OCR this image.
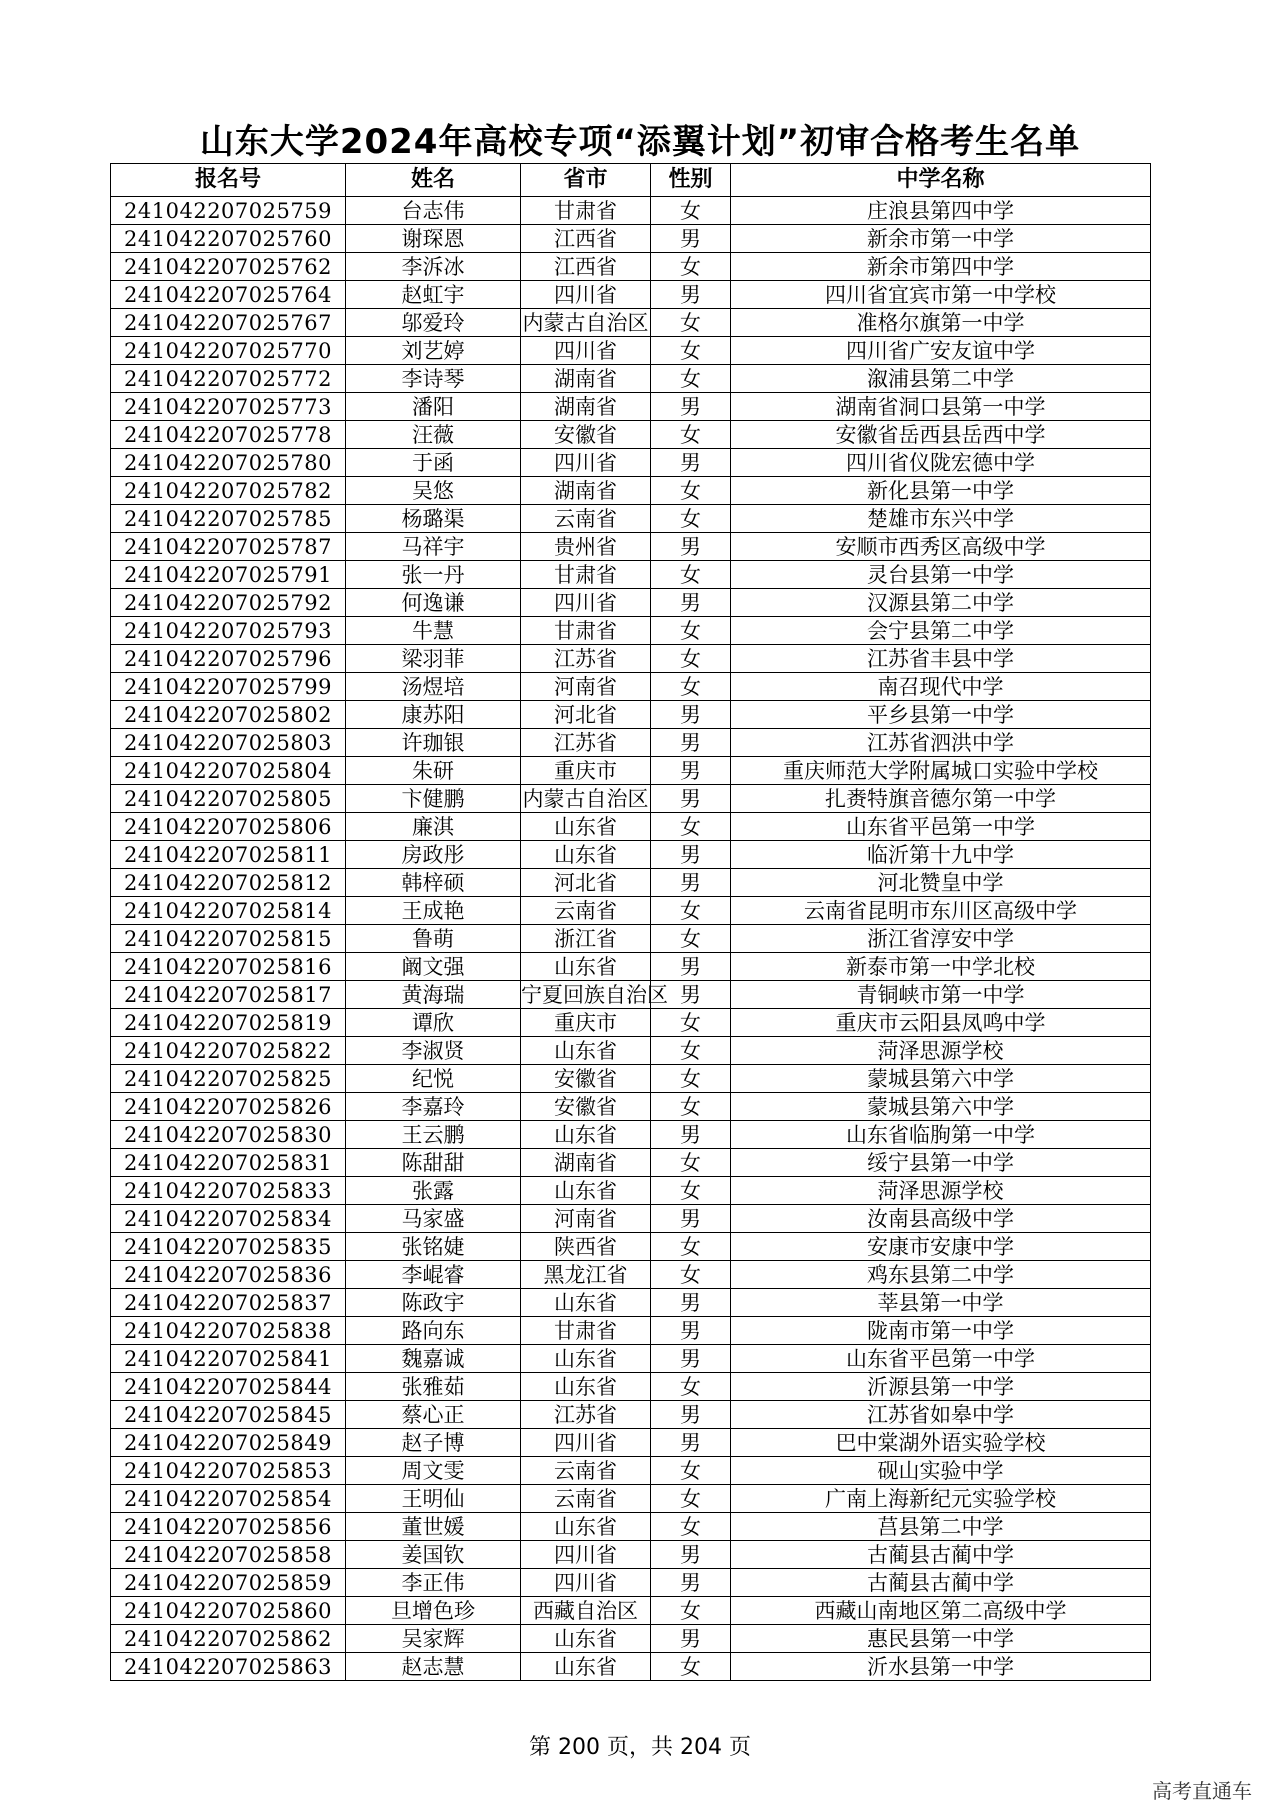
山东大学2024年高校专项“添翼计划”初审合格考生名单
报名号	姓名	省市	性别	中学名称
241042207025759	台志伟	甘肃省	女	庄浪县第四中学
241042207025760	谢琛恩	江西省	男	新余市第一中学
241042207025762	李泝冰	江西省	女	新余市第四中学
241042207025764	赵虹宇	四川省	男	四川省宜宾市第一中学校
241042207025767	邬爱玲	内蒙古自治区	女	准格尔旗第一中学
241042207025770	刘艺婷	四川省	女	四川省广安友谊中学
241042207025772	李诗琴	湖南省	女	溆浦县第二中学
241042207025773	潘阳	湖南省	男	湖南省洞口县第一中学
241042207025778	汪薇	安徽省	女	安徽省岳西县岳西中学
241042207025780	于函	四川省	男	四川省仪陇宏德中学
241042207025782	吴悠	湖南省	女	新化县第一中学
241042207025785	杨璐渠	云南省	女	楚雄市东兴中学
241042207025787	马祥宇	贵州省	男	安顺市西秀区高级中学
241042207025791	张一丹	甘肃省	女	灵台县第一中学
241042207025792	何逸谦	四川省	男	汉源县第二中学
241042207025793	牛慧	甘肃省	女	会宁县第二中学
241042207025796	梁羽菲	江苏省	女	江苏省丰县中学
241042207025799	汤煜培	河南省	女	南召现代中学
241042207025802	康苏阳	河北省	男	平乡县第一中学
241042207025803	许珈银	江苏省	男	江苏省泗洪中学
241042207025804	朱研	重庆市	男	重庆师范大学附属城口实验中学校
241042207025805	卞健鹏	内蒙古自治区	男	扎赉特旗音德尔第一中学
241042207025806	廉淇	山东省	女	山东省平邑第一中学
241042207025811	房政彤	山东省	男	临沂第十九中学
241042207025812	韩梓硕	河北省	男	河北赞皇中学
241042207025814	王成艳	云南省	女	云南省昆明市东川区高级中学
241042207025815	鲁萌	浙江省	女	浙江省淳安中学
241042207025816	阚文强	山东省	男	新泰市第一中学北校
241042207025817	黄海瑞	宁夏回族自治区	男	青铜峡市第一中学
241042207025819	谭欣	重庆市	女	重庆市云阳县凤鸣中学
241042207025822	李淑贤	山东省	女	菏泽思源学校
241042207025825	纪悦	安徽省	女	蒙城县第六中学
241042207025826	李嘉玲	安徽省	女	蒙城县第六中学
241042207025830	王云鹏	山东省	男	山东省临朐第一中学
241042207025831	陈甜甜	湖南省	女	绥宁县第一中学
241042207025833	张露	山东省	女	菏泽思源学校
241042207025834	马家盛	河南省	男	汝南县高级中学
241042207025835	张铭婕	陕西省	女	安康市安康中学
241042207025836	李崐睿	黑龙江省	女	鸡东县第二中学
241042207025837	陈政宇	山东省	男	莘县第一中学
241042207025838	路向东	甘肃省	男	陇南市第一中学
241042207025841	魏嘉诚	山东省	男	山东省平邑第一中学
241042207025844	张雅茹	山东省	女	沂源县第一中学
241042207025845	蔡心正	江苏省	男	江苏省如皋中学
241042207025849	赵子博	四川省	男	巴中棠湖外语实验学校
241042207025853	周文雯	云南省	女	砚山实验中学
241042207025854	王明仙	云南省	女	广南上海新纪元实验学校
241042207025856	董世媛	山东省	女	莒县第二中学
241042207025858	姜国钦	四川省	男	古蔺县古蔺中学
241042207025859	李正伟	四川省	男	古蔺县古蔺中学
241042207025860	旦增色珍	西藏自治区	女	西藏山南地区第二高级中学
241042207025862	吴家辉	山东省	男	惠民县第一中学
241042207025863	赵志慧	山东省	女	沂水县第一中学
第 200 页，共 204 页
高考直通车
